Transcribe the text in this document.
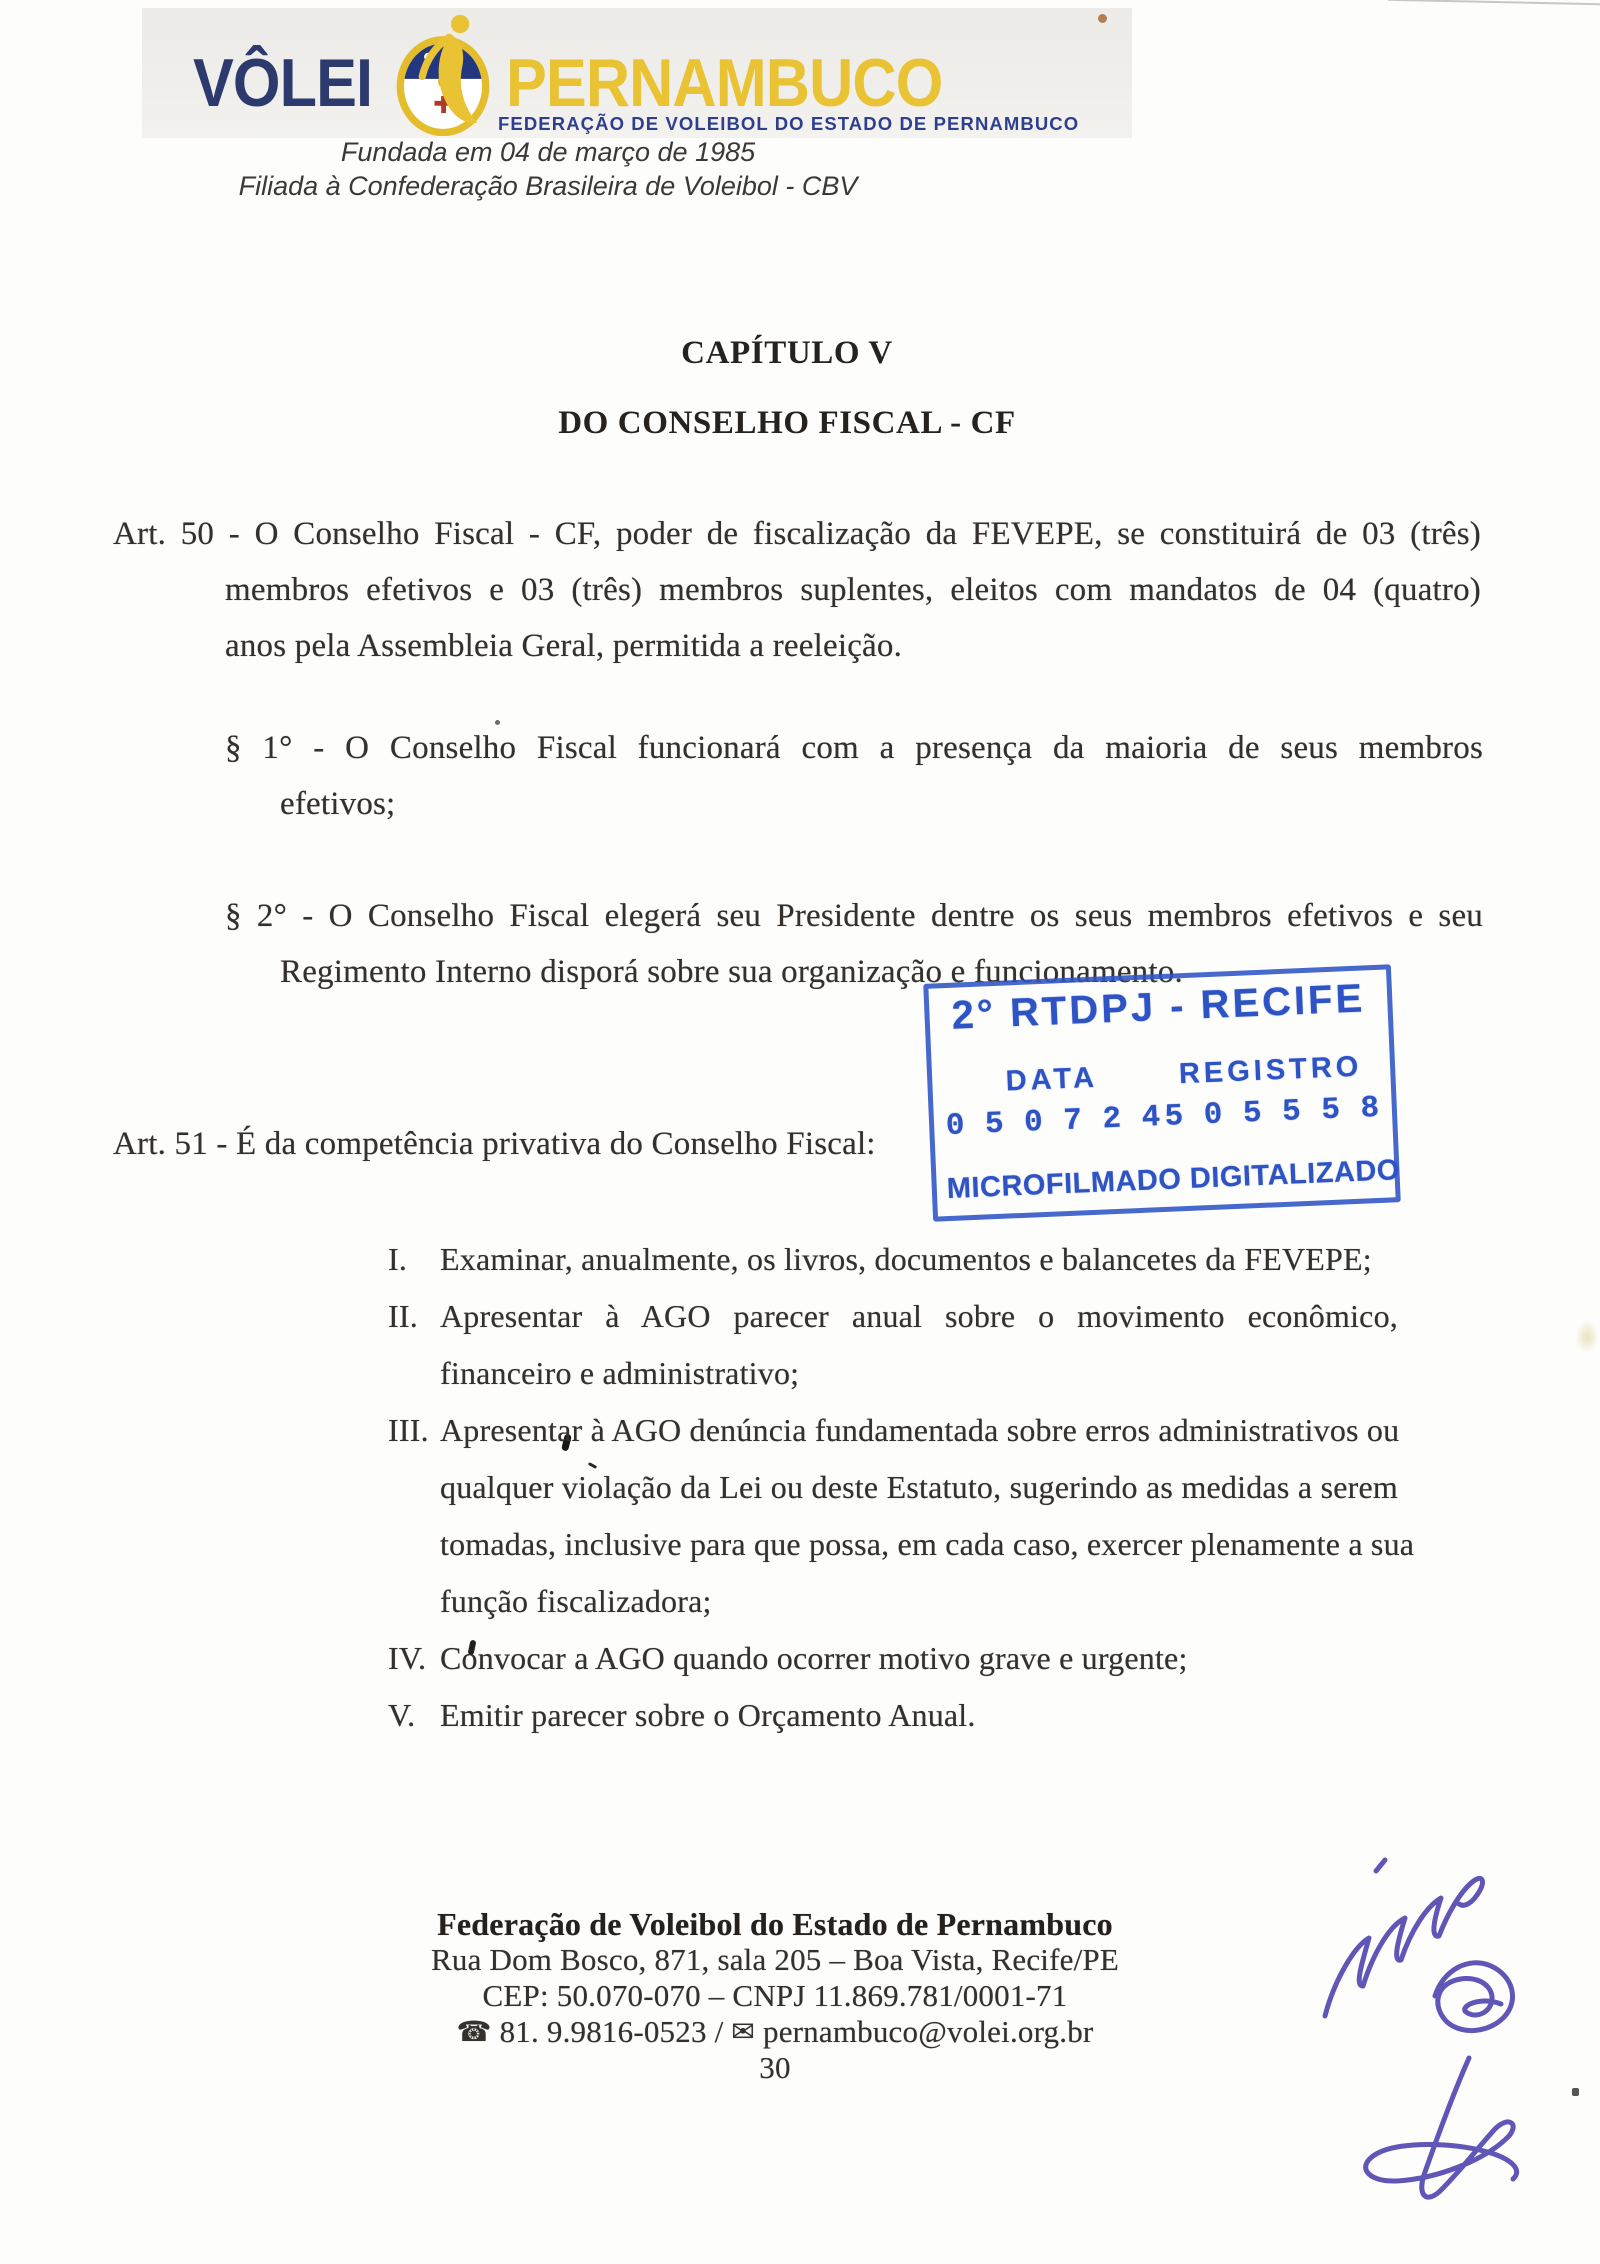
VÔLEI PERNAMBUCO
FEDERAÇÃO DE VOLEIBOL DO ESTADO DE PERNAMBUCO
Fundada em 04 de março de 1985
Filiada à Confederação Brasileira de Voleibol - CBV
CAPÍTULO V
DO CONSELHO FISCAL - CF
Art. 50 - O Conselho Fiscal - CF, poder de fiscalização da FEVEPE, se constituirá de 03 (três)
membros efetivos e 03 (três) membros suplentes, eleitos com mandatos de 04 (quatro)
anos pela Assembleia Geral, permitida a reeleição.
§ 1° - O Conselho Fiscal funcionará com a presença da maioria de seus membros
efetivos;
§ 2° - O Conselho Fiscal elegerá seu Presidente dentre os seus membros efetivos e seu
Regimento Interno disporá sobre sua organização e funcionamento.
2° RTDPJ - RECIFE
DATA
0 5 0 7 2 4
REGISTRO
5 0 5 5 5 8
MICROFILMADO DIGITALIZADO
Art. 51 - É da competência privativa do Conselho Fiscal:
I.	Examinar, anualmente, os livros, documentos e balancetes da FEVEPE;
II. Apresentar à AGO parecer anual sobre o movimento econômico,
financeiro e administrativo;
III. Apresentar à AGO denúncia fundamentada sobre erros administrativos ou
qualquer violação da Lei ou deste Estatuto, sugerindo as medidas a serem
tomadas, inclusive para que possa, em cada caso, exercer plenamente a sua
função fiscalizadora;
IV. Convocar a AGO quando ocorrer motivo grave e urgente;
V. Emitir parecer sobre o Orçamento Anual.
Federação de Voleibol do Estado de Pernambuco
Rua Dom Bosco, 871, sala 205 – Boa Vista, Recife/PE
CEP: 50.070-070 – CNPJ 11.869.781/0001-71
☎ 81. 9.9816-0523 / ✉ pernambuco@volei.org.br
30
